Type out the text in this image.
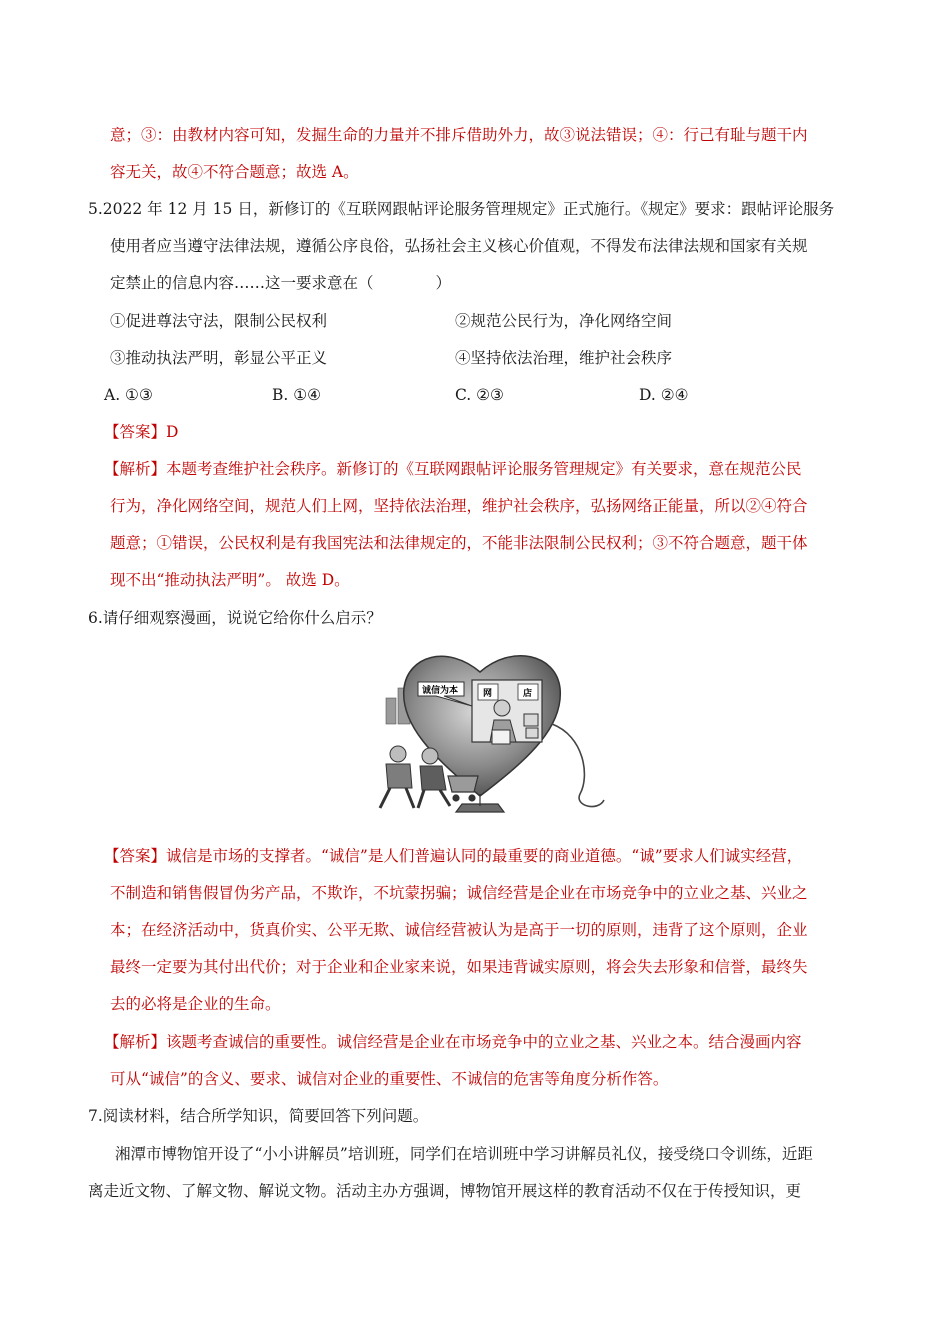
意；③：由教材内容可知，发掘生命的力量并不排斥借助外力，故③说法错误；④：行己有耻与题干内
容无关，故④不符合题意；故选 A。
5.2022 年 12 月 15 日，新修订的《互联网跟帖评论服务管理规定》正式施行。《规定》要求：跟帖评论服务
使用者应当遵守法律法规，遵循公序良俗，弘扬社会主义核心价值观，不得发布法律法规和国家有关规
定禁止的信息内容……这一要求意在（　　　　）
①促进尊法守法，限制公民权利	②规范公民行为，净化网络空间
③推动执法严明，彰显公平正义	④坚持依法治理，维护社会秩序
A. ①③	B. ①④	C. ②③	D. ②④
【答案】D
【解析】本题考查维护社会秩序。新修订的《互联网跟帖评论服务管理规定》有关要求，意在规范公民
行为，净化网络空间，规范人们上网，坚持依法治理，维护社会秩序，弘扬网络正能量，所以②④符合
题意；①错误，公民权利是有我国宪法和法律规定的，不能非法限制公民权利；③不符合题意，题干体
现不出“推动执法严明”。 故选 D。
6.请仔细观察漫画，说说它给你什么启示？
网	店
诚信为本
【答案】诚信是市场的支撑者。“诚信”是人们普遍认同的最重要的商业道德。“诚”要求人们诚实经营，
不制造和销售假冒伪劣产品，不欺诈，不坑蒙拐骗；诚信经营是企业在市场竞争中的立业之基、兴业之
本；在经济活动中，货真价实、公平无欺、诚信经营被认为是高于一切的原则，违背了这个原则，企业
最终一定要为其付出代价；对于企业和企业家来说，如果违背诚实原则，将会失去形象和信誉，最终失
去的必将是企业的生命。
【解析】该题考查诚信的重要性。诚信经营是企业在市场竞争中的立业之基、兴业之本。结合漫画内容
可从“诚信”的含义、要求、诚信对企业的重要性、不诚信的危害等角度分析作答。
7.阅读材料，结合所学知识，简要回答下列问题。
湘潭市博物馆开设了“小小讲解员”培训班，同学们在培训班中学习讲解员礼仪，接受绕口令训练，近距
离走近文物、了解文物、解说文物。活动主办方强调，博物馆开展这样的教育活动不仅在于传授知识，更
